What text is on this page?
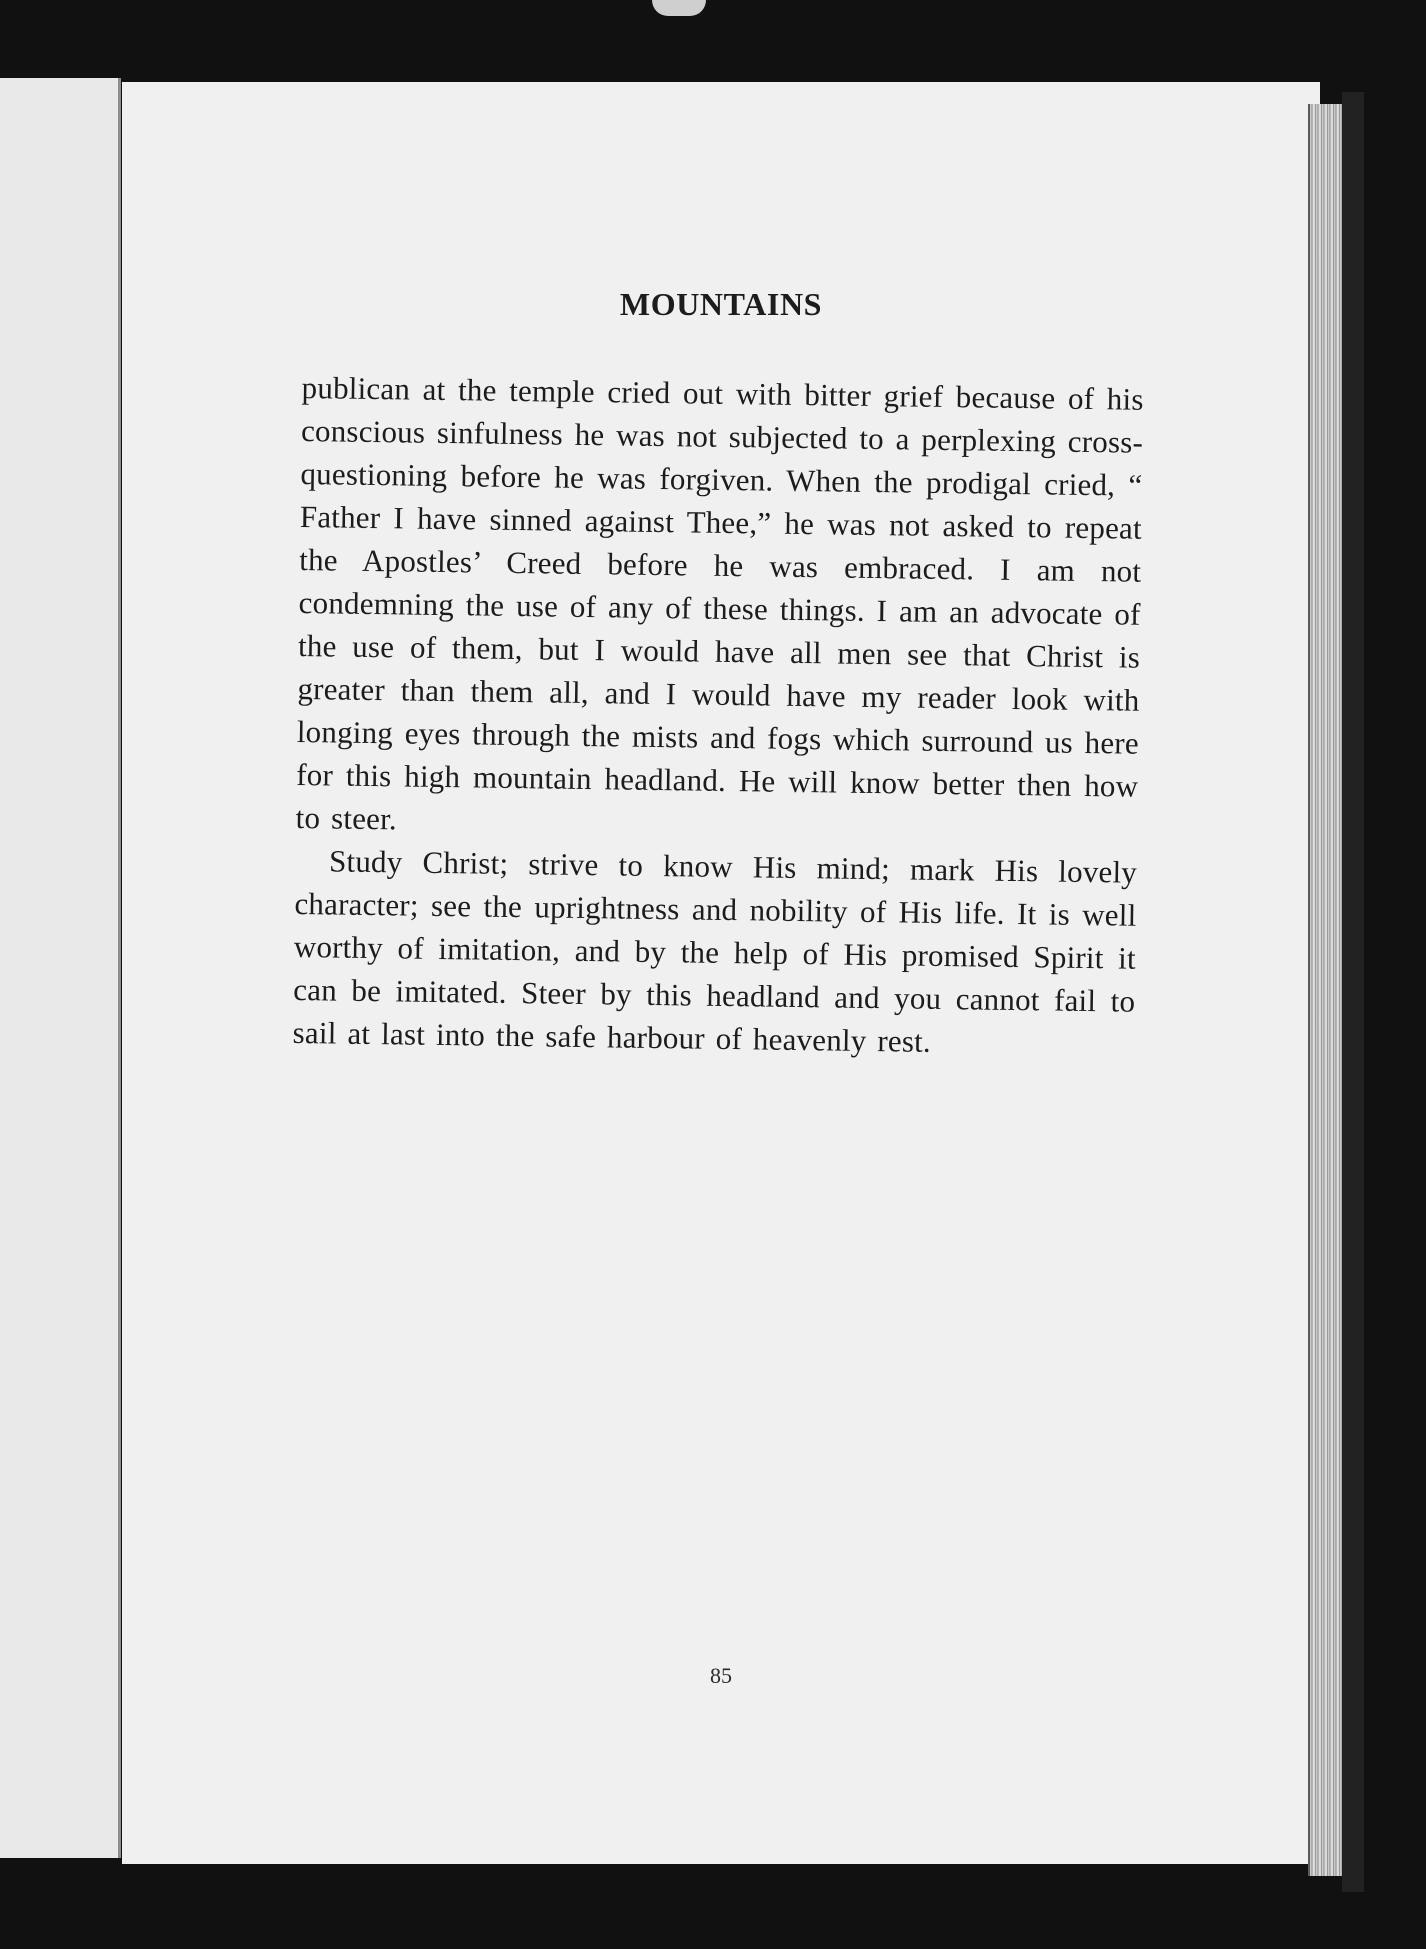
MOUNTAINS

publican at the temple cried out with bitter grief because of his conscious sinfulness he was not subjected to a perplexing cross-questioning before he was forgiven. When the prodigal cried, “ Father I have sinned against Thee,” he was not asked to repeat the Apostles’ Creed before he was embraced. I am not condemning the use of any of these things. I am an advocate of the use of them, but I would have all men see that Christ is greater than them all, and I would have my reader look with longing eyes through the mists and fogs which surround us here for this high mountain headland. He will know better then how to steer.

Study Christ; strive to know His mind; mark His lovely character; see the uprightness and nobility of His life. It is well worthy of imitation, and by the help of His promised Spirit it can be imitated. Steer by this headland and you cannot fail to sail at last into the safe harbour of heavenly rest.

85
